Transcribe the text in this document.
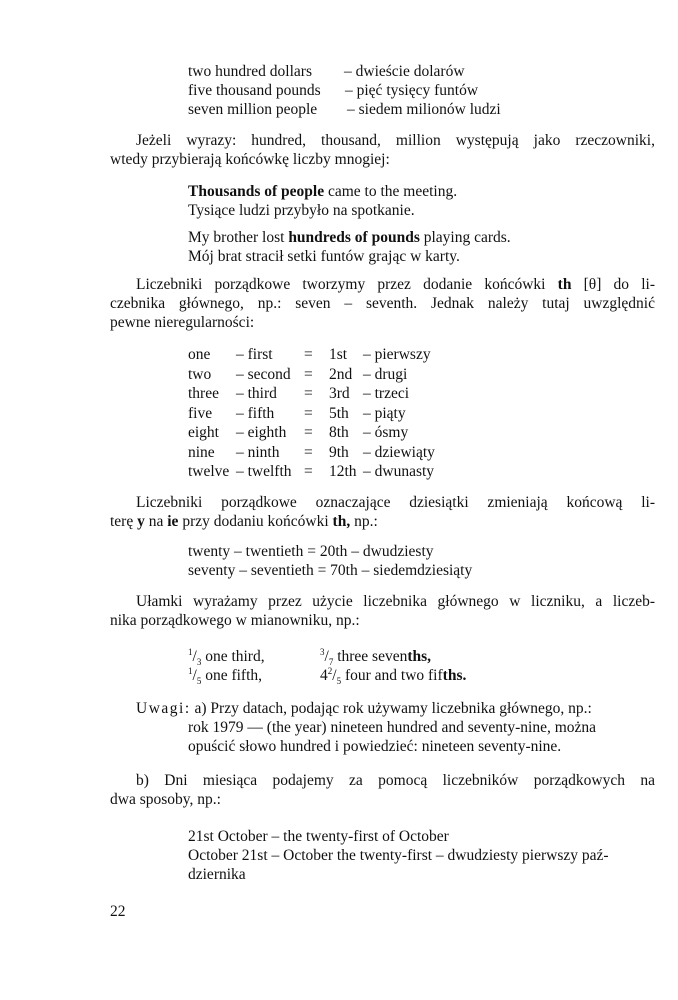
two hundred dollars – dwieście dolarów
five thousand pounds – pięć tysięcy funtów
seven million people – siedem milionów ludzi
Jeżeli wyrazy: hundred, thousand, million występują jako rzeczowniki,
wtedy przybierają końcówkę liczby mnogiej:
Thousands of people came to the meeting.
Tysiące ludzi przybyło na spotkanie.
My brother lost hundreds of pounds playing cards.
Mój brat stracił setki funtów grając w karty.
Liczebniki porządkowe tworzymy przez dodanie końcówki th [θ] do li-
czebnika głównego, np.: seven – seventh. Jednak należy tutaj uwzględnić
pewne nieregularności:
one – first = 1st – pierwszy
two – second = 2nd – drugi
three – third = 3rd – trzeci
five – fifth = 5th – piąty
eight – eighth = 8th – ósmy
nine – ninth = 9th – dziewiąty
twelve – twelfth = 12th – dwunasty
Liczebniki porządkowe oznaczające dziesiątki zmieniają końcową li-
terę y na ie przy dodaniu końcówki th, np.:
twenty – twentieth = 20th – dwudziesty
seventy – seventieth = 70th – siedemdziesiąty
Ułamki wyrażamy przez użycie liczebnika głównego w liczniku, a liczeb-
nika porządkowego w mianowniku, np.:
$^1/_3$ one third,	$^3/_7$ three sevenths,
$^1/_5$ one fifth,	$4^2/_5$ four and two fifths.
Uwagi: a) Przy datach, podając rok używamy liczebnika głównego, np.:
rok 1979 — (the year) nineteen hundred and seventy-nine, można
opuścić słowo hundred i powiedzieć: nineteen seventy-nine.
b) Dni miesiąca podajemy za pomocą liczebników porządkowych na
dwa sposoby, np.:
21st October – the twenty-first of October
October 21st – October the twenty-first – dwudziesty pierwszy paź-
dziernika
22
